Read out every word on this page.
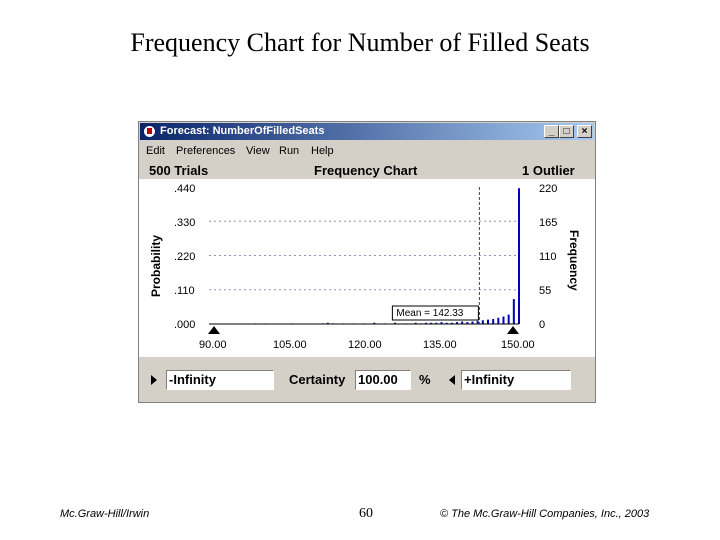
Frequency Chart for Number of Filled Seats
Forecast: NumberOfFilledSeats	_ □	×
Edit Preferences View Run Help
500 Trials	Frequency Chart	1 Outlier
Mean = 142.33
Probability	Frequency
.440
.330
.220
.110
.000
220
165
110
55
0
90.00	105.00	120.00	135.00	150.00
-Infinity	Certainty 100.00	%	+Infinity
Mc.Graw-Hill/Irwin	60	© The Mc.Graw-Hill Companies, Inc., 2003
